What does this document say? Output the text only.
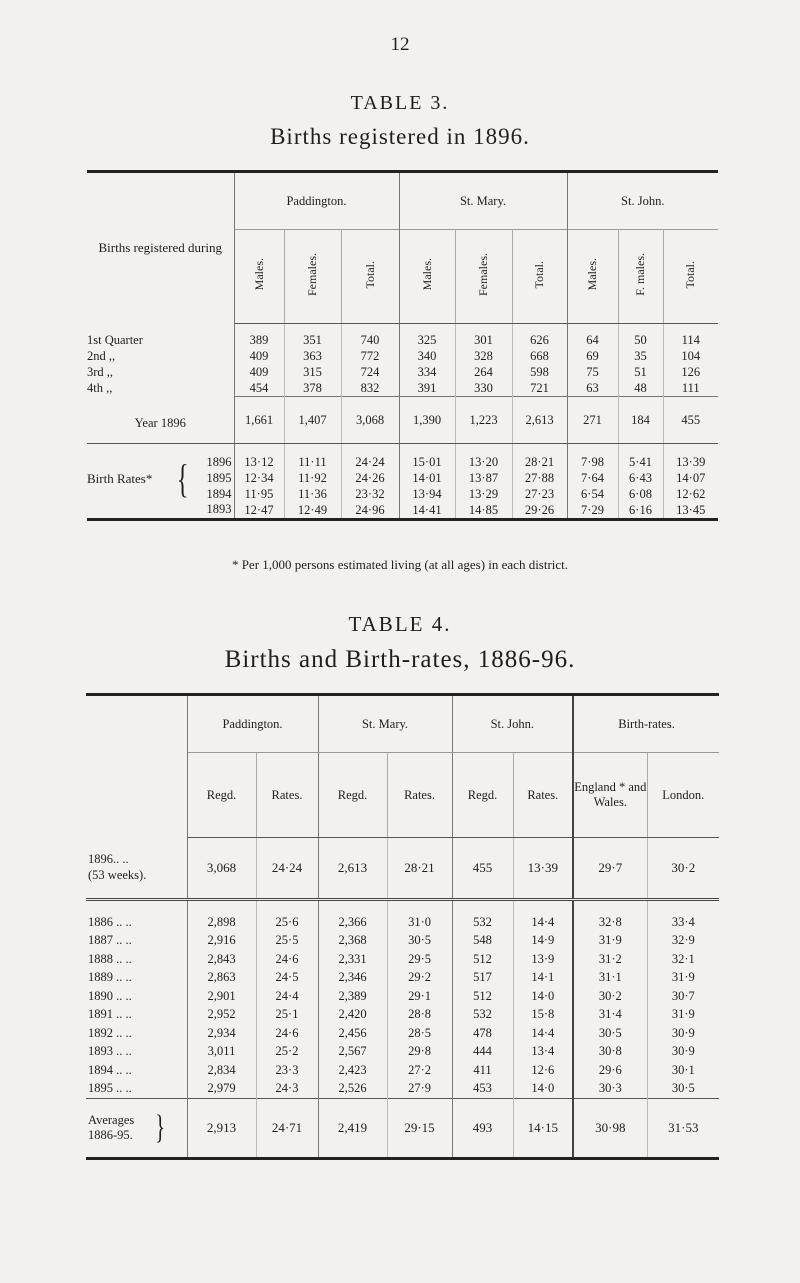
12
TABLE 3.
Births registered in 1896.
Births registered during	Paddington.			St. Mary.			St. John.		
	Males.	Females.	Total.	Males.	Females.	Total.	Males.	F. males.	Total.
1st Quarter	389	351	740	325	301	626	64	50	114
2nd ,,	409	363	772	340	328	668	69	35	104
3rd ,,	409	315	724	334	264	598	75	51	126
4th ,,	454	378	832	391	330	721	63	48	111
Year 1896	1,661	1,407	3,068	1,390	1,223	2,613	271	184	455

1896	13·12	11·11	24·24	15·01	13·20	28·21	7·98	5·41	13·39

Birth Rates* { 1895	12·34	11·92	24·26	14·01	13·87	27·88	7·64	6·43	14·07

1894	11·95	11·36	23·32	13·94	13·29	27·23	6·54	6·08	12·62

1893	12·47	12·49	24·96	14·41	14·85	29·26	7·29	6·16	13·45
* Per 1,000 persons estimated living (at all ages) in each district.
TABLE 4.
Births and Birth-rates, 1886-96.
	Paddington.		St. Mary.		St. John.		Birth-rates.	
	Regd.	Rates.	Regd.	Rates.	Regd.	Rates.	England * and Wales.	London.

1896.. ..
(53 weeks).	3,068	24·24	2,613	28·21	455	13·39	29·7	30·2
1886 .. ..	2,898	25·6	2,366	31·0	532	14·4	32·8	33·4
1887 .. ..	2,916	25·5	2,368	30·5	548	14·9	31·9	32·9
1888 .. ..	2,843	24·6	2,331	29·5	512	13·9	31·2	32·1
1889 .. ..	2,863	24·5	2,346	29·2	517	14·1	31·1	31·9
1890 .. ..	2,901	24·4	2,389	29·1	512	14·0	30·2	30·7
1891 .. ..	2,952	25·1	2,420	28·8	532	15·8	31·4	31·9
1892 .. ..	2,934	24·6	2,456	28·5	478	14·4	30·5	30·9
1893 .. ..	3,011	25·2	2,567	29·8	444	13·4	30·8	30·9
1894 .. ..	2,834	23·3	2,423	27·2	411	12·6	29·6	30·1
1895 .. ..	2,979	24·3	2,526	27·9	453	14·0	30·3	30·5

Averages
1886-95. }	2,913	24·71	2,419	29·15	493	14·15	30·98	31·53
